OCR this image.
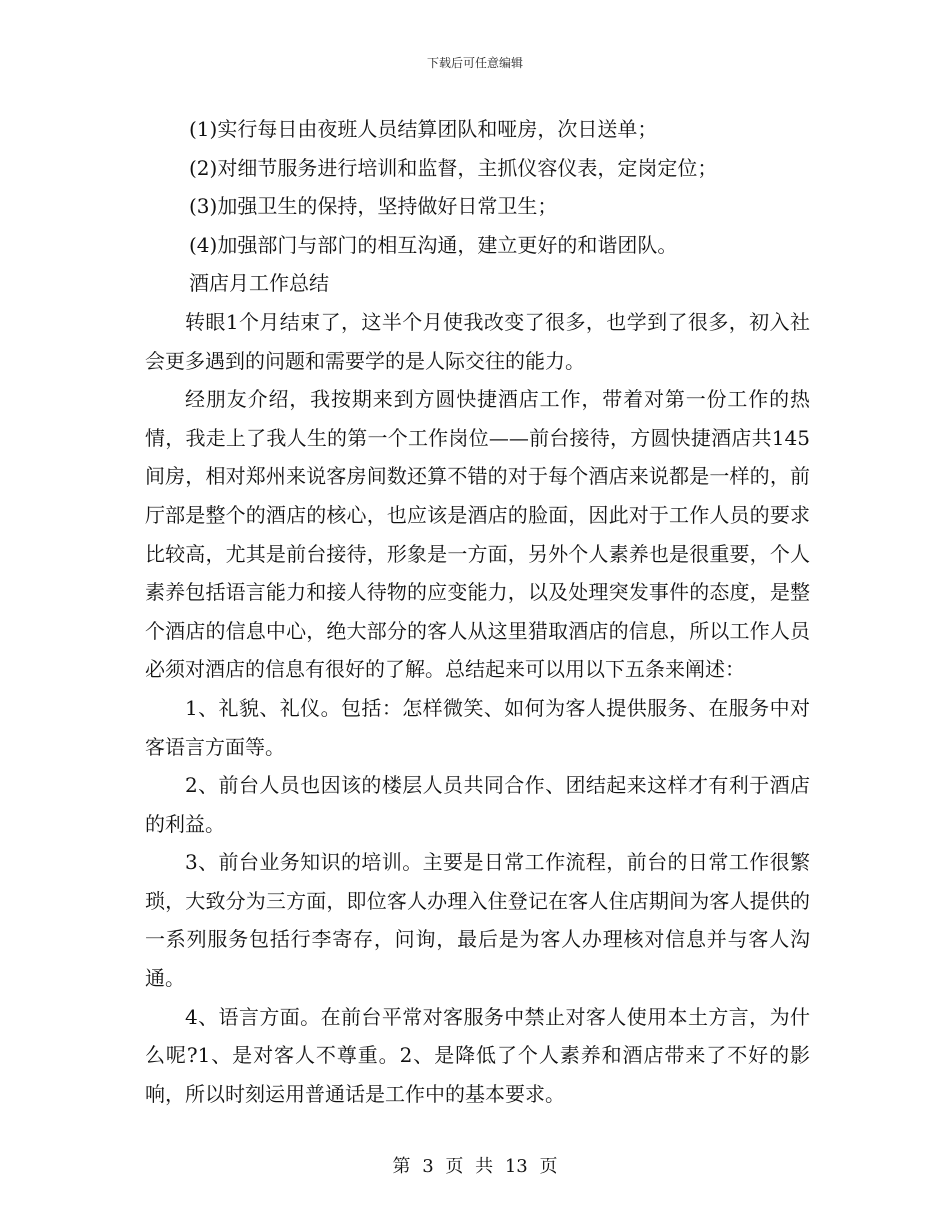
下载后可任意编辑

(1)实行每日由夜班人员结算团队和哑房，次日送单；

(2)对细节服务进行培训和监督，主抓仪容仪表，定岗定位；

(3)加强卫生的保持，坚持做好日常卫生；

(4)加强部门与部门的相互沟通，建立更好的和谐团队。

酒店月工作总结

转眼1个月结束了，这半个月使我改变了很多，也学到了很多，初入社会更多遇到的问题和需要学的是人际交往的能力。

经朋友介绍，我按期来到方圆快捷酒店工作，带着对第一份工作的热情，我走上了我人生的第一个工作岗位——前台接待，方圆快捷酒店共145间房，相对郑州来说客房间数还算不错的对于每个酒店来说都是一样的，前厅部是整个的酒店的核心，也应该是酒店的脸面，因此对于工作人员的要求比较高，尤其是前台接待，形象是一方面，另外个人素养也是很重要，个人素养包括语言能力和接人待物的应变能力，以及处理突发事件的态度，是整个酒店的信息中心，绝大部分的客人从这里猎取酒店的信息，所以工作人员必须对酒店的信息有很好的了解。总结起来可以用以下五条来阐述：

1、礼貌、礼仪。包括：怎样微笑、如何为客人提供服务、在服务中对客语言方面等。

2、前台人员也因该的楼层人员共同合作、团结起来这样才有利于酒店的利益。

3、前台业务知识的培训。主要是日常工作流程，前台的日常工作很繁琐，大致分为三方面，即位客人办理入住登记在客人住店期间为客人提供的一系列服务包括行李寄存，问询，最后是为客人办理核对信息并与客人沟通。

4、语言方面。在前台平常对客服务中禁止对客人使用本土方言，为什么呢?1、是对客人不尊重。2、是降低了个人素养和酒店带来了不好的影响，所以时刻运用普通话是工作中的基本要求。

第 3 页 共 13 页
